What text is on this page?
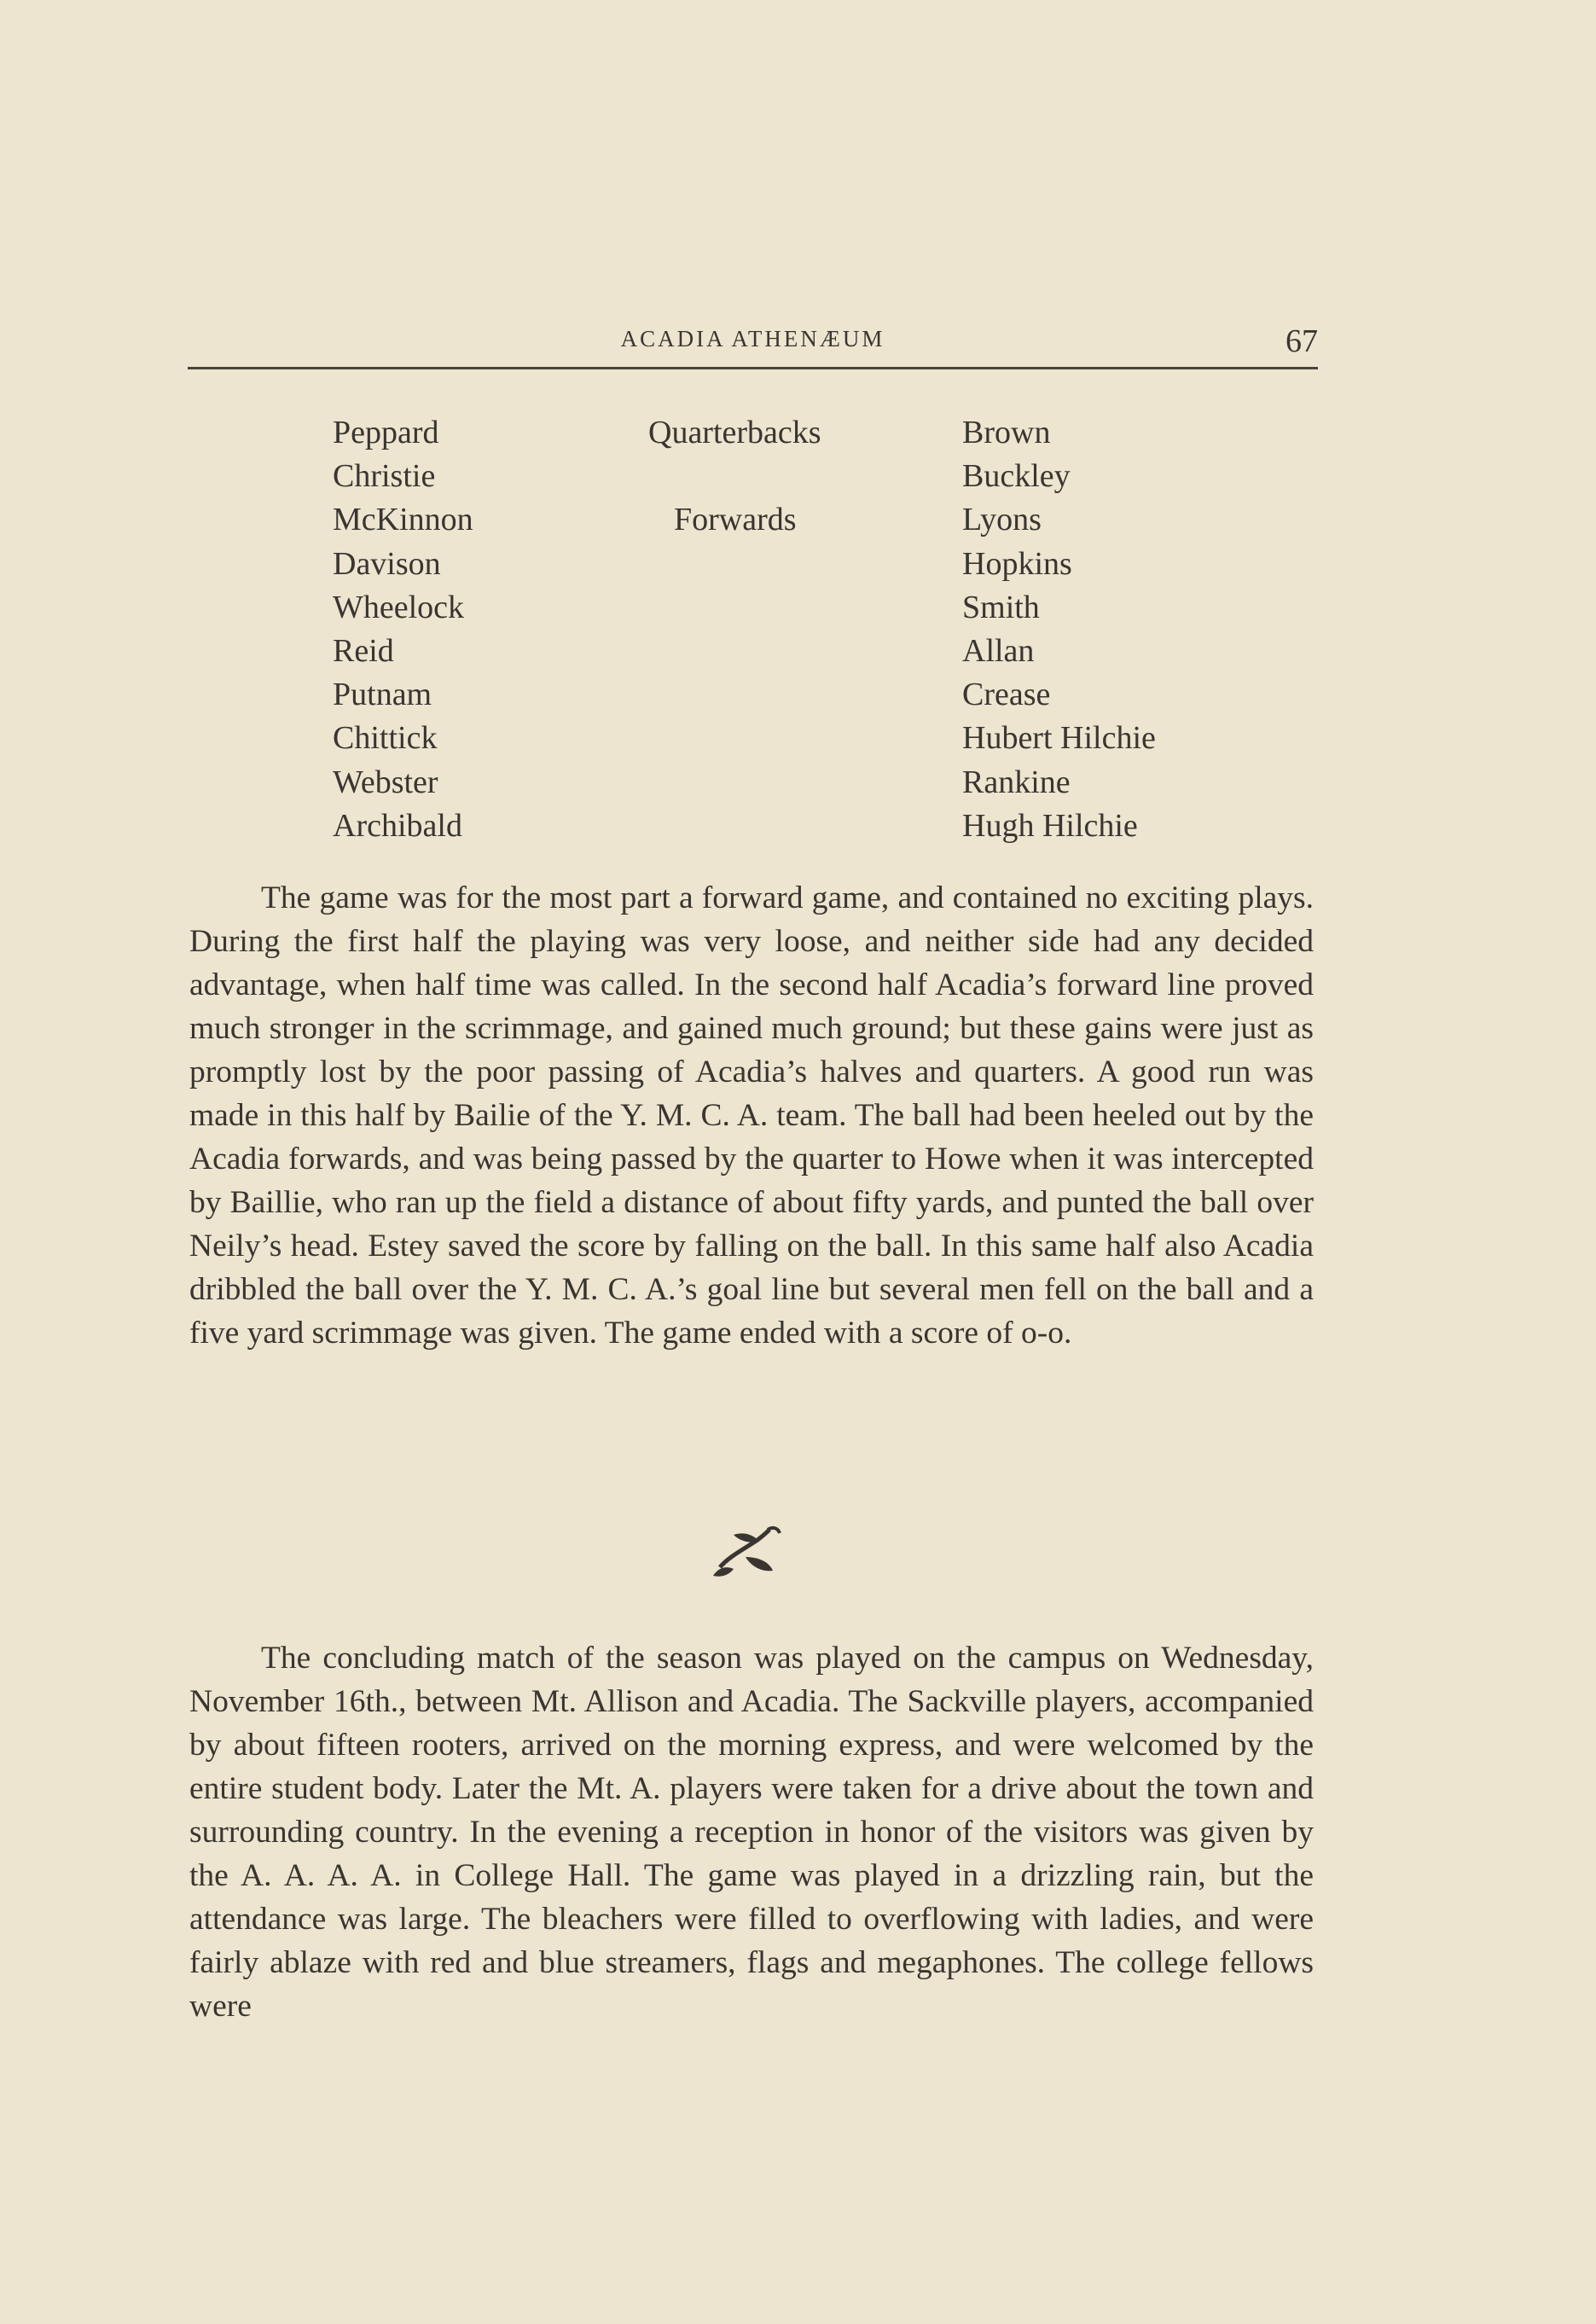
ACADIA ATHENÆUM	67
Peppard
Christie
McKinnon
Davison
Wheelock
Reid
Putnam
Chittick
Webster
Archibald
Quarterbacks
Forwards
Brown
Buckley
Lyons
Hopkins
Smith
Allan
Crease
Hubert Hilchie
Rankine
Hugh Hilchie

The game was for the most part a forward game, and contained no exciting plays. During the first half the playing was very loose, and neither side had any decided advantage, when half time was called. In the second half Acadia’s forward line proved much stronger in the scrimmage, and gained much ground; but these gains were just as promptly lost by the poor passing of Acadia’s halves and quarters. A good run was made in this half by Bailie of the Y. M. C. A. team. The ball had been heeled out by the Acadia forwards, and was being passed by the quarter to Howe when it was intercepted by Baillie, who ran up the field a distance of about fifty yards, and punted the ball over Neily’s head. Estey saved the score by falling on the ball. In this same half also Acadia dribbled the ball over the Y. M. C. A.’s goal line but several men fell on the ball and a five yard scrimmage was given. The game ended with a score of o-o.

The concluding match of the season was played on the campus on Wednesday, November 16th., between Mt. Allison and Acadia. The Sackville players, accompanied by about fifteen rooters, arrived on the morning express, and were welcomed by the entire student body. Later the Mt. A. players were taken for a drive about the town and surrounding country. In the evening a reception in honor of the visitors was given by the A. A. A. A. in College Hall. The game was played in a drizzling rain, but the attendance was large. The bleachers were filled to overflowing with ladies, and were fairly ablaze with red and blue streamers, flags and megaphones. The college fellows were
